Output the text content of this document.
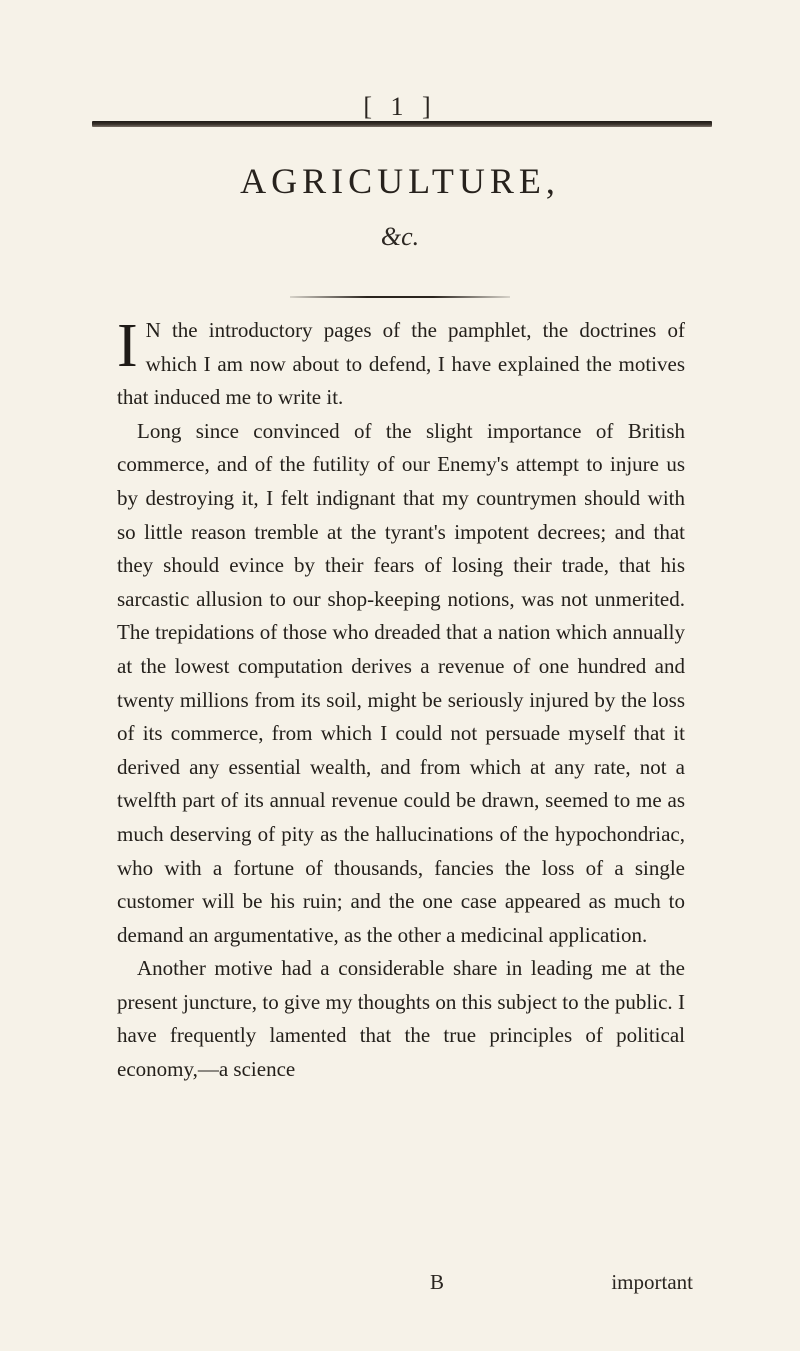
[ 1 ]
AGRICULTURE,
&c.

I N the introductory pages of the pamphlet, the doctrines of which I am now about to defend, I have explained the motives that induced me to write it.

Long since convinced of the slight importance of British commerce, and of the futility of our Enemy's attempt to injure us by destroying it, I felt indignant that my countrymen should with so little reason tremble at the tyrant's impotent decrees; and that they should evince by their fears of losing their trade, that his sarcastic allusion to our shop-keeping notions, was not unmerited. The trepidations of those who dreaded that a nation which annually at the lowest computation derives a revenue of one hundred and twenty millions from its soil, might be seriously injured by the loss of its commerce, from which I could not persuade myself that it derived any essential wealth, and from which at any rate, not a twelfth part of its annual revenue could be drawn, seemed to me as much deserving of pity as the hallucinations of the hypochondriac, who with a fortune of thousands, fancies the loss of a single customer will be his ruin; and the one case appeared as much to demand an argumentative, as the other a medicinal application.

Another motive had a considerable share in leading me at the present juncture, to give my thoughts on this subject to the public. I have frequently lamented that the true principles of political economy,—a science

B	important
